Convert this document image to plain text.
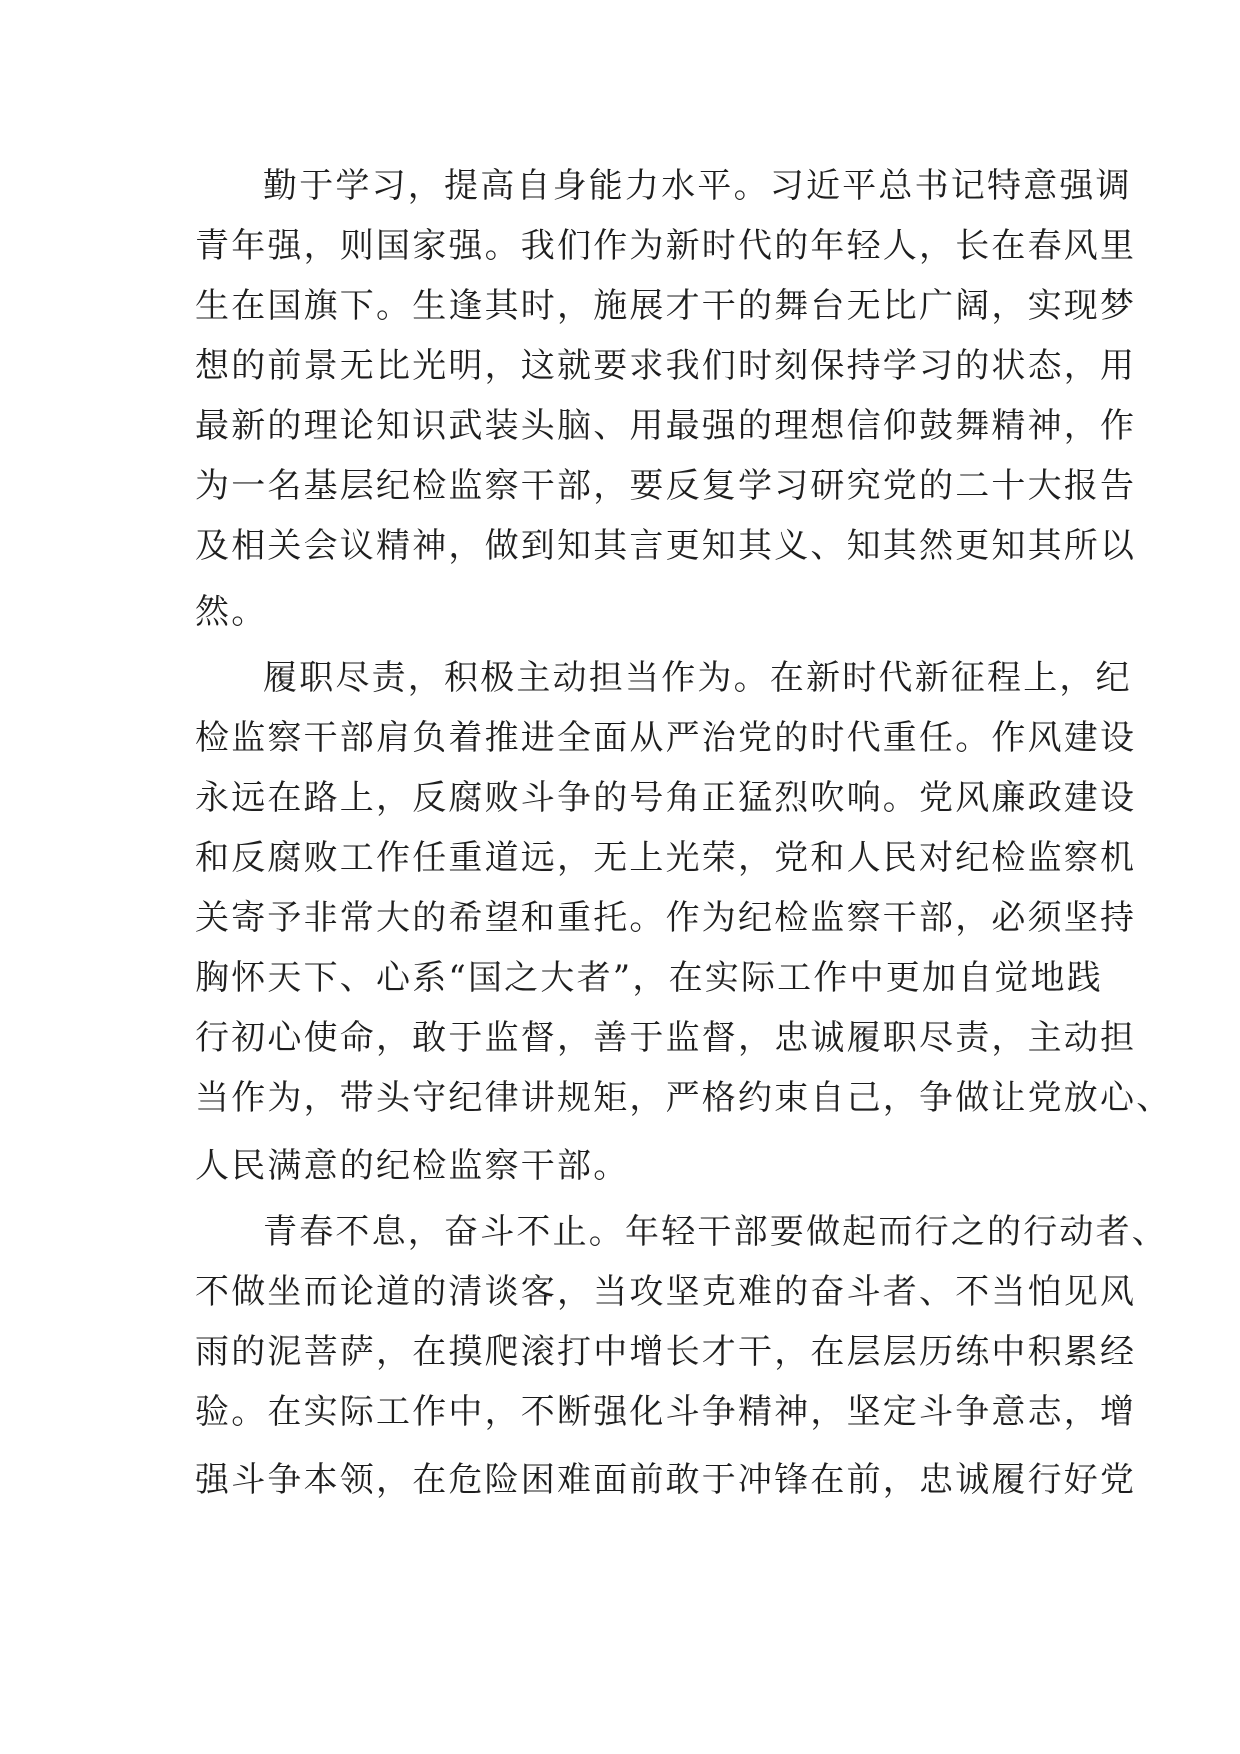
勤于学习，提高自身能力水平。习近平总书记特意强调

青年强，则国家强。我们作为新时代的年轻人，长在春风里

生在国旗下。生逢其时，施展才干的舞台无比广阔，实现梦

想的前景无比光明，这就要求我们时刻保持学习的状态，用

最新的理论知识武装头脑、用最强的理想信仰鼓舞精神，作

为一名基层纪检监察干部，要反复学习研究党的二十大报告

及相关会议精神，做到知其言更知其义、知其然更知其所以

然。

履职尽责，积极主动担当作为。在新时代新征程上，纪

检监察干部肩负着推进全面从严治党的时代重任。作风建设

永远在路上，反腐败斗争的号角正猛烈吹响。党风廉政建设

和反腐败工作任重道远，无上光荣，党和人民对纪检监察机

关寄予非常大的希望和重托。作为纪检监察干部，必须坚持

胸怀天下、心系“国之大者”，在实际工作中更加自觉地践

行初心使命，敢于监督，善于监督，忠诚履职尽责，主动担

当作为，带头守纪律讲规矩，严格约束自己，争做让党放心、

人民满意的纪检监察干部。

青春不息，奋斗不止。年轻干部要做起而行之的行动者、

不做坐而论道的清谈客，当攻坚克难的奋斗者、不当怕见风

雨的泥菩萨，在摸爬滚打中增长才干，在层层历练中积累经

验。在实际工作中，不断强化斗争精神，坚定斗争意志，增

强斗争本领，在危险困难面前敢于冲锋在前，忠诚履行好党
